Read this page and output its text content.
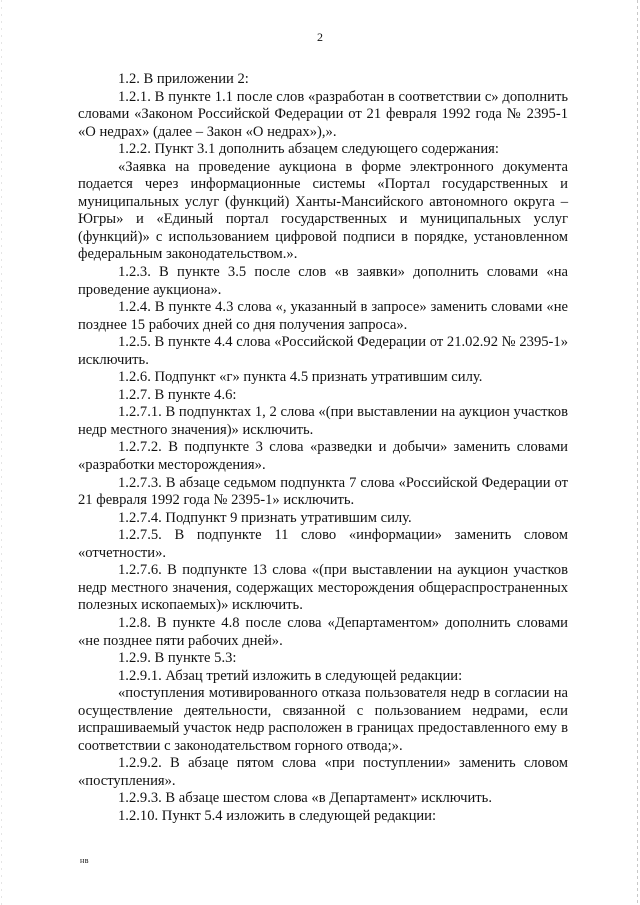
2

1.2. В приложении 2:

1.2.1. В пункте 1.1 после слов «разработан в соответствии с» дополнить словами «Законом Российской Федерации от 21 февраля 1992 года № 2395-1 «О недрах» (далее – Закон «О недрах»),».

1.2.2. Пункт 3.1 дополнить абзацем следующего содержания:

«Заявка на проведение аукциона в форме электронного документа подается через информационные системы «Портал государственных и муниципальных услуг (функций) Ханты-Мансийского автономного округа – Югры» и «Единый портал государственных и муниципальных услуг (функций)» с использованием цифровой подписи в порядке, установленном федеральным законодательством.».

1.2.3. В пункте 3.5 после слов «в заявки» дополнить словами «на проведение аукциона».

1.2.4. В пункте 4.3 слова «, указанный в запросе» заменить словами «не позднее 15 рабочих дней со дня получения запроса».

1.2.5. В пункте 4.4 слова «Российской Федерации от 21.02.92 № 2395-1» исключить.

1.2.6. Подпункт «г» пункта 4.5 признать утратившим силу.

1.2.7. В пункте 4.6:

1.2.7.1. В подпунктах 1, 2 слова «(при выставлении на аукцион участков недр местного значения)» исключить.

1.2.7.2. В подпункте 3 слова «разведки и добычи» заменить словами «разработки месторождения».

1.2.7.3. В абзаце седьмом подпункта 7 слова «Российской Федерации от 21 февраля 1992 года № 2395-1» исключить.

1.2.7.4. Подпункт 9 признать утратившим силу.

1.2.7.5. В подпункте 11 слово «информации» заменить словом «отчетности».

1.2.7.6. В подпункте 13 слова «(при выставлении на аукцион участков недр местного значения, содержащих месторождения общераспространенных полезных ископаемых)» исключить.

1.2.8. В пункте 4.8 после слова «Департаментом» дополнить словами «не позднее пяти рабочих дней».

1.2.9. В пункте 5.3:

1.2.9.1. Абзац третий изложить в следующей редакции:

«поступления мотивированного отказа пользователя недр в согласии на осуществление деятельности, связанной с пользованием недрами, если испрашиваемый участок недр расположен в границах предоставленного ему в соответствии с законодательством горного отвода;».

1.2.9.2. В абзаце пятом слова «при поступлении» заменить словом «поступления».

1.2.9.3. В абзаце шестом слова «в Департамент» исключить.

1.2.10. Пункт 5.4 изложить в следующей редакции:

нв
